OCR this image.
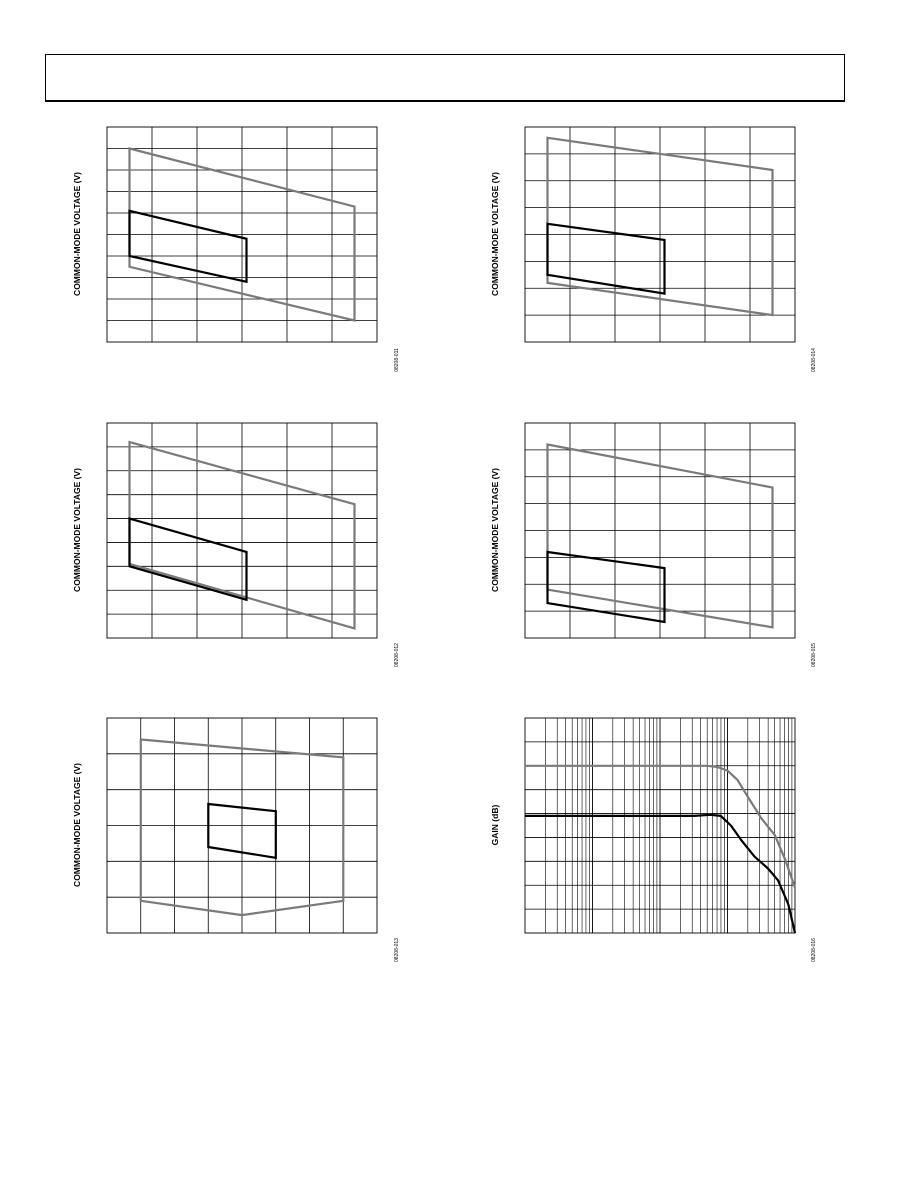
COMMON-MODE VOLTAGE (V)
08208-011
COMMON-MODE VOLTAGE (V)
08208-014
COMMON-MODE VOLTAGE (V)
08208-012
COMMON-MODE VOLTAGE (V)
08208-015
COMMON-MODE VOLTAGE (V)
08208-013
GAIN (dB)
08208-016
